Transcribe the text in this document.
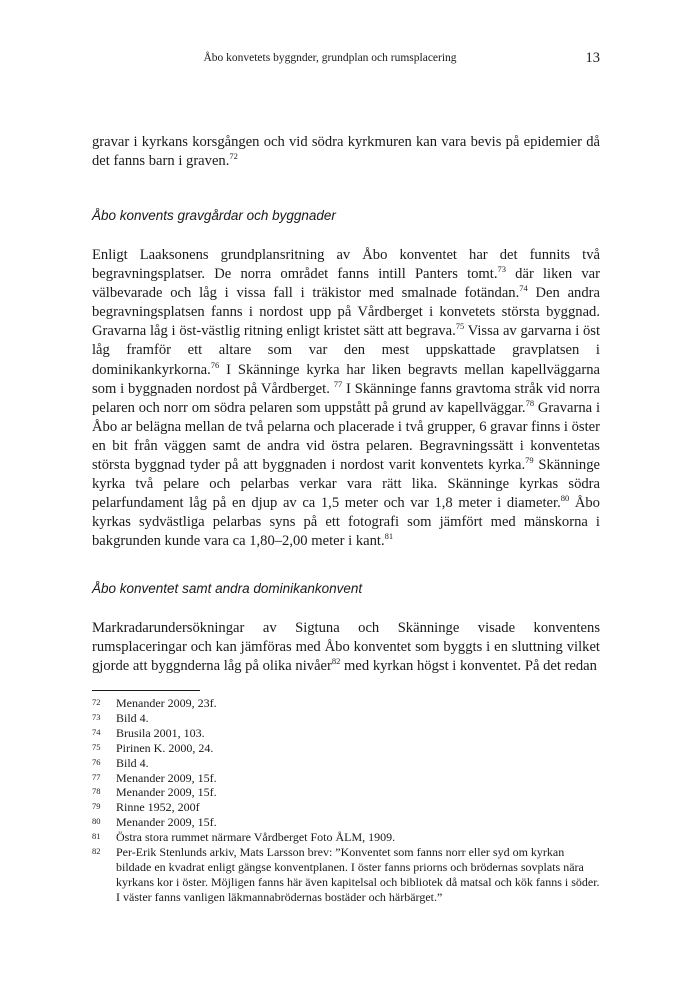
Åbo konvetets byggnder, grundplan och rumsplacering	13

gravar i kyrkans korsgången och vid södra kyrkmuren kan vara bevis på epidemier då det fanns barn i graven.$^{72}$

Åbo konvents gravgårdar och byggnader

Enligt Laaksonens grundplansritning av Åbo konventet har det funnits två begravningsplatser. De norra området fanns intill Panters tomt.$^{73}$ där liken var välbevarade och låg i vissa fall i träkistor med smalnade fotändan.$^{74}$ Den andra begravningsplatsen fanns i nordost upp på Vårdberget i konvetets största byggnad. Gravarna låg i öst-västlig ritning enligt kristet sätt att begrava.$^{75}$ Vissa av garvarna i öst låg framför ett altare som var den mest uppskattade gravplatsen i dominikankyrkorna.$^{76}$ I Skänninge kyrka har liken begravts mellan kapellväggarna som i byggnaden nordost på Vårdberget. $^{77}$ I Skänninge fanns gravtoma stråk vid norra pelaren och norr om södra pelaren som uppstått på grund av kapellväggar.$^{78}$ Gravarna i Åbo ar belägna mellan de två pelarna och placerade i två grupper, 6 gravar finns i öster en bit från väggen samt de andra vid östra pelaren. Begravningssätt i konventetas största byggnad tyder på att byggnaden i nordost varit konventets kyrka.$^{79}$ Skänninge kyrka två pelare och pelarbas verkar vara rätt lika. Skänninge kyrkas södra pelarfundament låg på en djup av ca 1,5 meter och var 1,8 meter i diameter.$^{80}$ Åbo kyrkas sydvästliga pelarbas syns på ett fotografi som jämfört med mänskorna i bakgrunden kunde vara ca 1,80–2,00 meter i kant.$^{81}$

Åbo konventet samt andra dominikankonvent

Markradarundersökningar av Sigtuna och Skänninge visade konventens rumsplaceringar och kan jämföras med Åbo konventet som byggts i en sluttning vilket gjorde att byggnderna låg på olika nivåer$^{82}$ med kyrkan högst i konventet. På det redan

72	Menander 2009, 23f.
73	Bild 4.
74	Brusila 2001, 103.
75	Pirinen K. 2000, 24.
76	Bild 4.
77	Menander 2009, 15f.
78	Menander 2009, 15f.
79	Rinne 1952, 200f
80	Menander 2009, 15f.
81	Östra stora rummet närmare Vårdberget Foto ÅLM, 1909.
82	Per-Erik Stenlunds arkiv, Mats Larsson brev: ”Konventet som fanns norr eller syd om kyrkan bildade en kvadrat enligt gängse konventplanen. I öster fanns priorns och brödernas sovplats nära kyrkans kor i öster. Möjligen fanns här även kapitelsal och bibliotek då matsal och kök fanns i söder. I väster fanns vanligen läkmannabrödernas bostäder och härbärget.”
